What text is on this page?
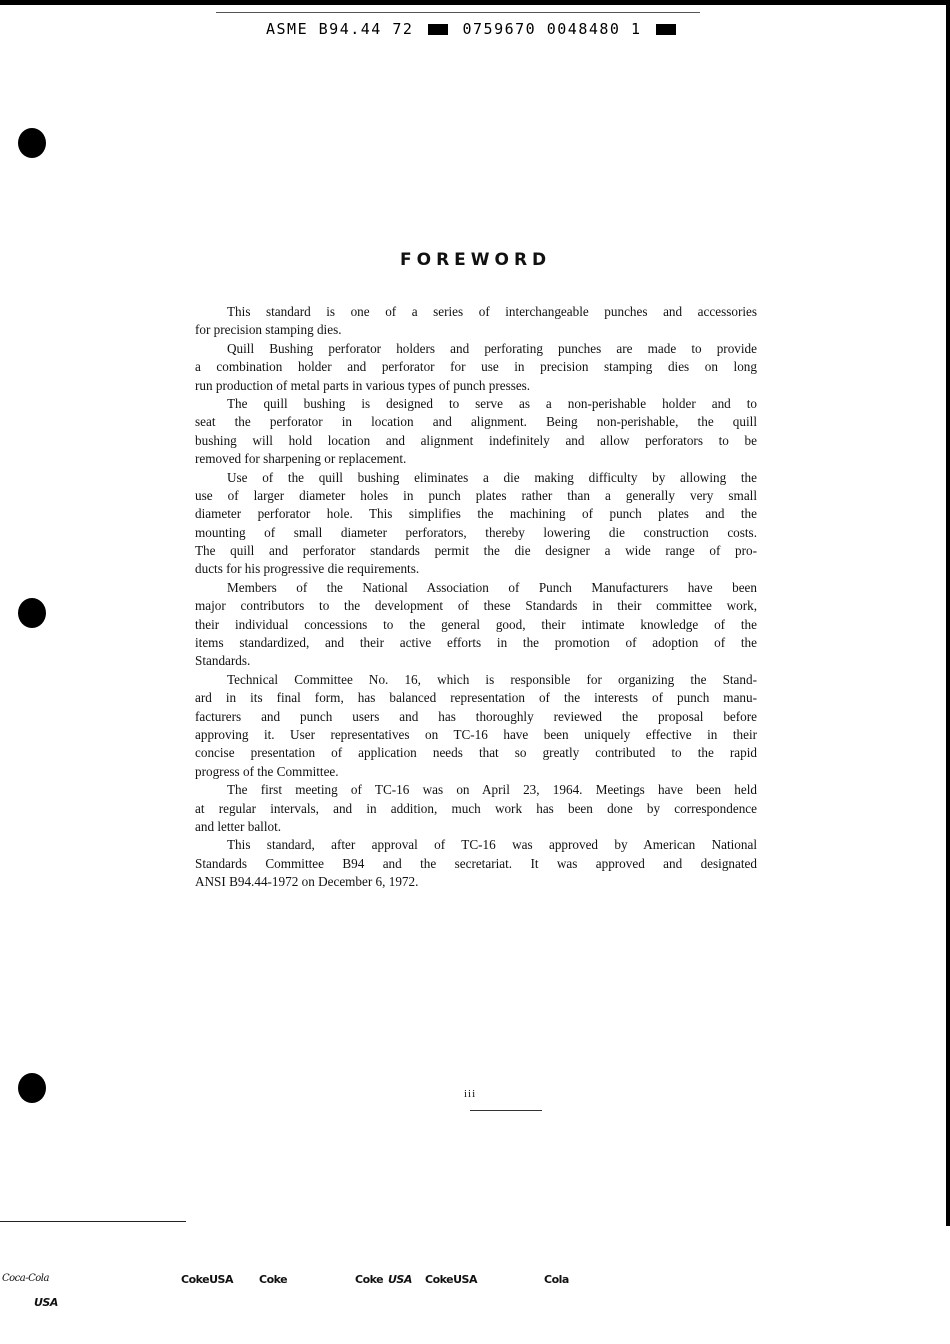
ASME B94.44 72	0759670 0048480 1
FOREWORD
This standard is one of a series of interchangeable punches and accessories
for precision stamping dies.
Quill Bushing perforator holders and perforating punches are made to provide
a combination holder and perforator for use in precision stamping dies on long
run production of metal parts in various types of punch presses.
The quill bushing is designed to serve as a non-perishable holder and to
seat the perforator in location and alignment. Being non-perishable, the quill
bushing will hold location and alignment indefinitely and allow perforators to be
removed for sharpening or replacement.
Use of the quill bushing eliminates a die making difficulty by allowing the
use of larger diameter holes in punch plates rather than a generally very small
diameter perforator hole. This simplifies the machining of punch plates and the
mounting of small diameter perforators, thereby lowering die construction costs.
The quill and perforator standards permit the die designer a wide range of pro-
ducts for his progressive die requirements.
Members of the National Association of Punch Manufacturers have been
major contributors to the development of these Standards in their committee work,
their individual concessions to the general good, their intimate knowledge of the
items standardized, and their active efforts in the promotion of adoption of the
Standards.
Technical Committee No. 16, which is responsible for organizing the Stand-
ard in its final form, has balanced representation of the interests of punch manu-
facturers and punch users and has thoroughly reviewed the proposal before
approving it. User representatives on TC-16 have been uniquely effective in their
concise presentation of application needs that so greatly contributed to the rapid
progress of the Committee.
The first meeting of TC-16 was on April 23, 1964. Meetings have been held
at regular intervals, and in addition, much work has been done by correspondence
and letter ballot.
This standard, after approval of TC-16 was approved by American National
Standards Committee B94 and the secretariat. It was approved and designated
ANSI B94.44-1972 on December 6, 1972.
iii
Coca-Cola	CokeUSA Coke	Coke USA CokeUSA	Cola
USA
